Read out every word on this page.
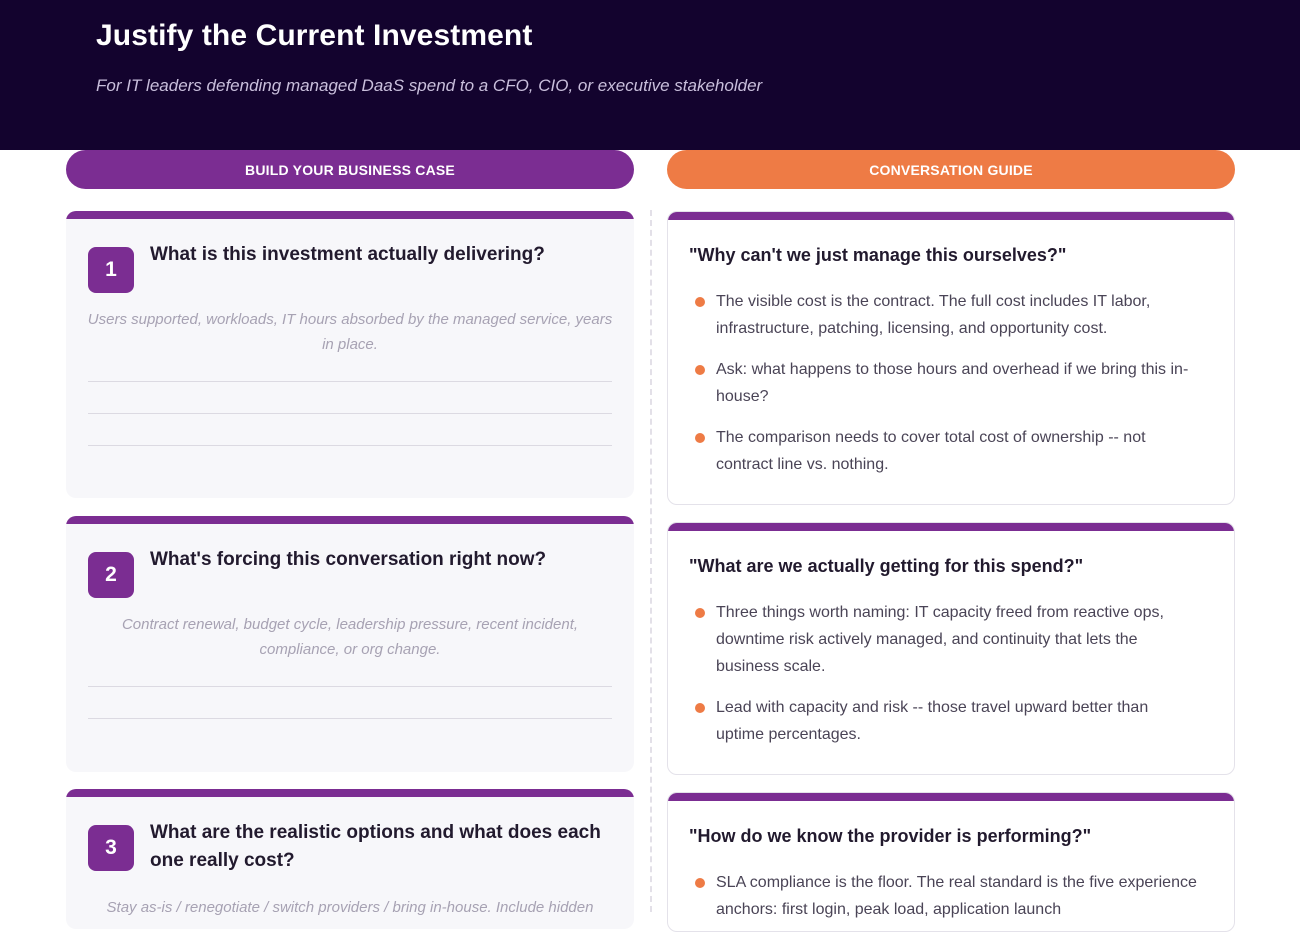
Justify the Current Investment

For IT leaders defending managed DaaS spend to a CFO, CIO, or executive stakeholder

BUILD YOUR BUSINESS CASE	CONVERSATION GUIDE
1
What is this investment actually delivering?
Users supported, workloads, IT hours absorbed by the managed service, years in place.
2
What's forcing this conversation right now?
Contract renewal, budget cycle, leadership pressure, recent incident, compliance, or org change.
3
What are the realistic options and what does each one really cost?
Stay as-is / renegotiate / switch providers / bring in-house. Include hidden
"Why can't we just manage this ourselves?"
The visible cost is the contract. The full cost includes IT labor, infrastructure, patching, licensing, and opportunity cost.
Ask: what happens to those hours and overhead if we bring this in-house?
The comparison needs to cover total cost of ownership -- not contract line vs. nothing.
"What are we actually getting for this spend?"
Three things worth naming: IT capacity freed from reactive ops, downtime risk actively managed, and continuity that lets the business scale.
Lead with capacity and risk -- those travel upward better than uptime percentages.
"How do we know the provider is performing?"
SLA compliance is the floor. The real standard is the five experience anchors: first login, peak load, application launch
